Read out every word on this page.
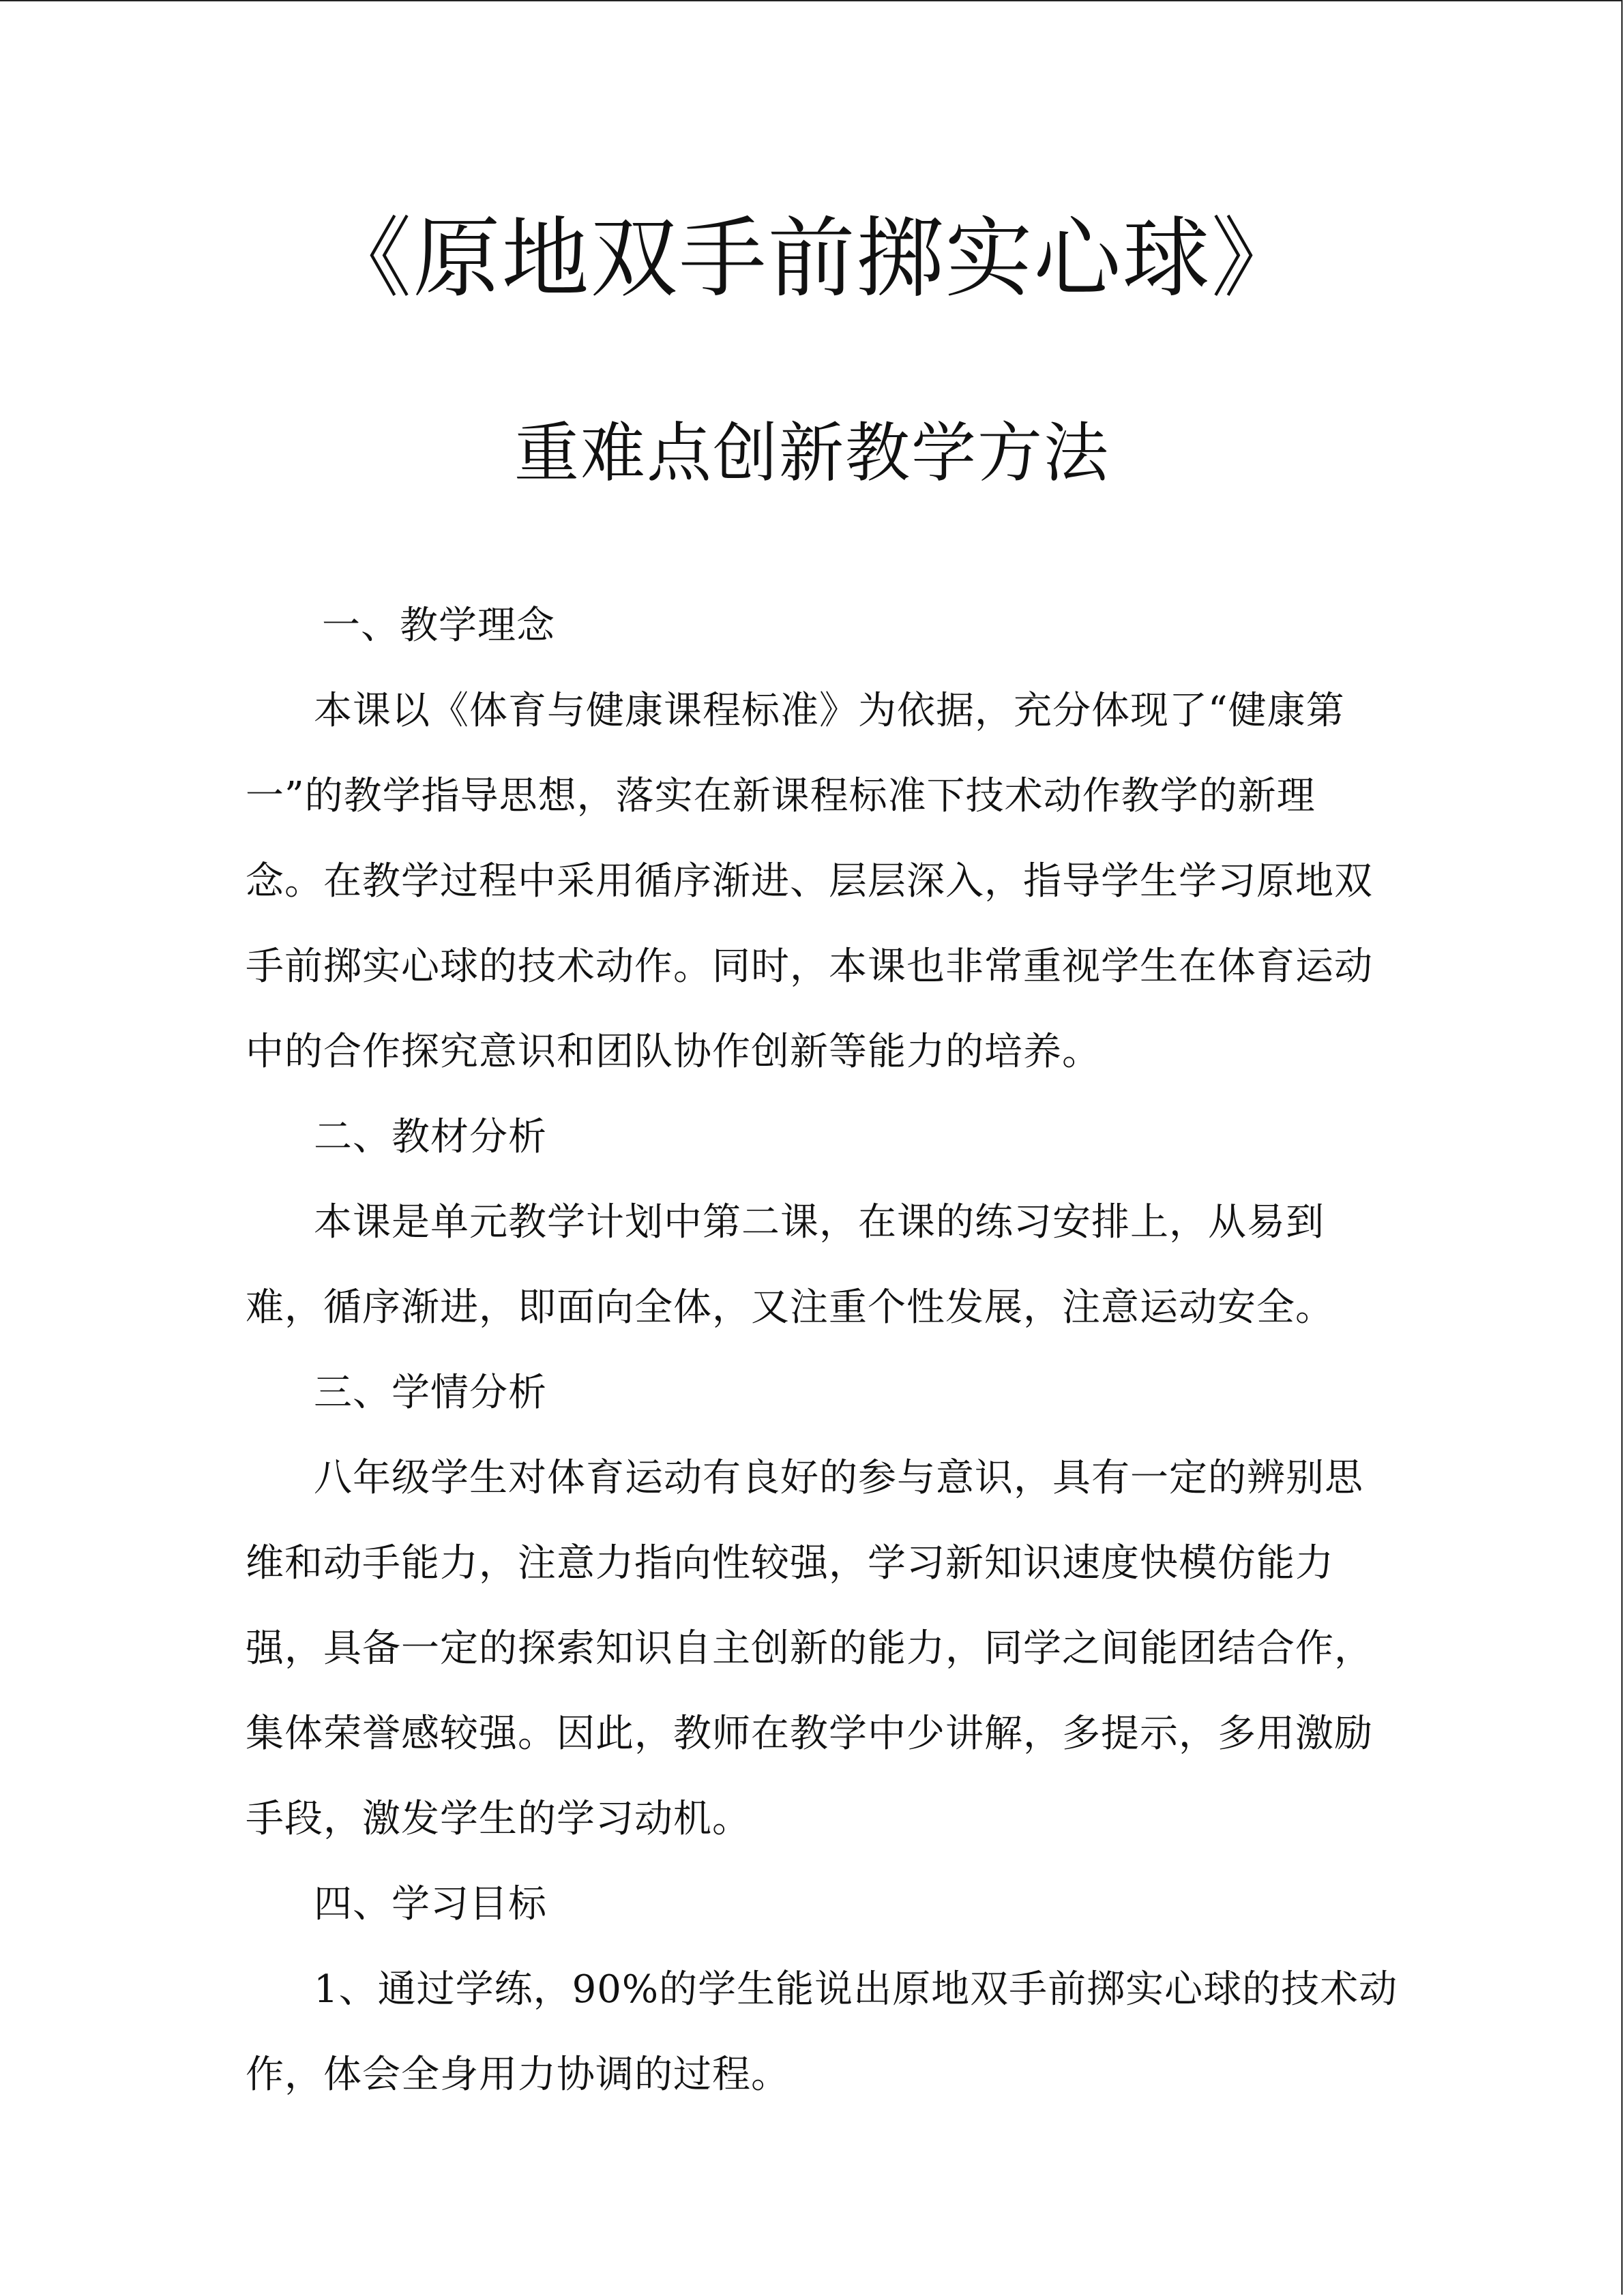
《原地双手前掷实心球》
重难点创新教学方法
一、教学理念
本课以《体育与健康课程标准》为依据，充分体现了“健康第
一”的教学指导思想，落实在新课程标准下技术动作教学的新理
念。在教学过程中采用循序渐进、层层深入，指导学生学习原地双
手前掷实心球的技术动作。同时，本课也非常重视学生在体育运动
中的合作探究意识和团队协作创新等能力的培养。
二、教材分析
本课是单元教学计划中第二课，在课的练习安排上，从易到
难，循序渐进，即面向全体，又注重个性发展，注意运动安全。
三、学情分析
八年级学生对体育运动有良好的参与意识，具有一定的辨别思
维和动手能力，注意力指向性较强，学习新知识速度快模仿能力
强，具备一定的探索知识自主创新的能力，同学之间能团结合作，
集体荣誉感较强。因此，教师在教学中少讲解，多提示，多用激励
手段，激发学生的学习动机。
四、学习目标
1、通过学练，90%的学生能说出原地双手前掷实心球的技术动
作，体会全身用力协调的过程。
